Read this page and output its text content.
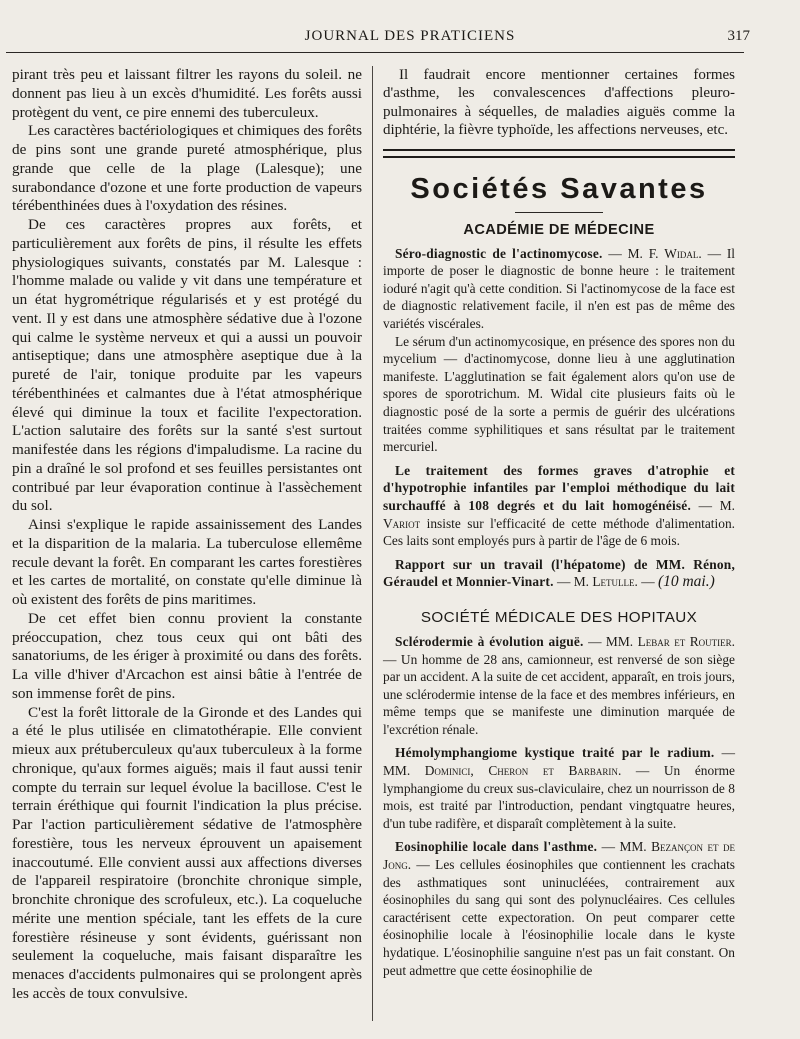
JOURNAL DES PRATICIENS	317

pirant très peu et laissant filtrer les rayons du soleil. ne donnent pas lieu à un excès d'humidité. Les forêts aussi protègent du vent, ce pire ennemi des tuberculeux.

Les caractères bactériologiques et chimiques des forêts de pins sont une grande pureté atmosphérique, plus grande que celle de la plage (Lalesque); une surabondance d'ozone et une forte production de vapeurs térébenthinées dues à l'oxydation des résines.

De ces caractères propres aux forêts, et particulièrement aux forêts de pins, il résulte les effets physiologiques suivants, constatés par M. Lalesque : l'homme malade ou valide y vit dans une température et un état hygrométrique régularisés et y est protégé du vent. Il y est dans une atmosphère sédative due à l'ozone qui calme le système nerveux et qui a aussi un pouvoir antiseptique; dans une atmosphère aseptique due à la pureté de l'air, tonique produite par les vapeurs térébenthinées et calmantes due à l'état atmosphérique élevé qui diminue la toux et facilite l'expectoration. L'action salutaire des forêts sur la santé s'est surtout manifestée dans les régions d'impaludisme. La racine du pin a draîné le sol profond et ses feuilles persistantes ont contribué par leur évaporation continue à l'assèchement du sol.

Ainsi s'explique le rapide assainissement des Landes et la disparition de la malaria. La tuberculose ellemême recule devant la forêt. En comparant les cartes forestières et les cartes de mortalité, on constate qu'elle diminue là où existent des forêts de pins maritimes.

De cet effet bien connu provient la constante préoccupation, chez tous ceux qui ont bâti des sanatoriums, de les ériger à proximité ou dans des forêts. La ville d'hiver d'Arcachon est ainsi bâtie à l'entrée de son immense forêt de pins.

C'est la forêt littorale de la Gironde et des Landes qui a été le plus utilisée en climatothérapie. Elle convient mieux aux prétuberculeux qu'aux tuberculeux à la forme chronique, qu'aux formes aiguës; mais il faut aussi tenir compte du terrain sur lequel évolue la bacillose. C'est le terrain éréthique qui fournit l'indication la plus précise. Par l'action particulièrement sédative de l'atmosphère forestière, tous les nerveux éprouvent un apaisement inaccoutumé. Elle convient aussi aux affections diverses de l'appareil respiratoire (bronchite chronique simple, bronchite chronique des scrofuleux, etc.). La coqueluche mérite une mention spéciale, tant les effets de la cure forestière résineuse y sont évidents, guérissant non seulement la coqueluche, mais faisant disparaître les menaces d'accidents pulmonaires qui se prolongent après les accès de toux convulsive.

Il faudrait encore mentionner certaines formes d'asthme, les convalescences d'affections pleuro-pulmonaires à séquelles, de maladies aiguës comme la diphtérie, la fièvre typhoïde, les affections nerveuses, etc.

Sociétés Savantes
ACADÉMIE DE MÉDECINE

Séro-diagnostic de l'actinomycose. — M. F. Widal. — Il importe de poser le diagnostic de bonne heure : le traitement ioduré n'agit qu'à cette condition. Si l'actinomycose de la face est de diagnostic relativement facile, il n'en est pas de même des variétés viscérales.

Le sérum d'un actinomycosique, en présence des spores non du mycelium — d'actinomycose, donne lieu à une agglutination manifeste. L'agglutination se fait également alors qu'on use de spores de sporotrichum. M. Widal cite plusieurs faits où le diagnostic posé de la sorte a permis de guérir des ulcérations traitées comme syphilitiques et sans résultat par le traitement mercuriel.

Le traitement des formes graves d'atrophie et d'hypotrophie infantiles par l'emploi méthodique du lait surchauffé à 108 degrés et du lait homogénéisé. — M. Variot insiste sur l'efficacité de cette méthode d'alimentation. Ces laits sont employés purs à partir de l'âge de 6 mois.

Rapport sur un travail (l'hépatome) de MM. Rénon, Géraudel et Monnier-Vinart. — M. Letulle. — (10 mai.)

SOCIÉTÉ MÉDICALE DES HOPITAUX

Sclérodermie à évolution aiguë. — MM. Lebar et Routier. — Un homme de 28 ans, camionneur, est renversé de son siège par un accident. A la suite de cet accident, apparaît, en trois jours, une sclérodermie intense de la face et des membres inférieurs, en même temps que se manifeste une diminution marquée de l'excrétion rénale.

Hémolymphangiome kystique traité par le radium. — MM. Dominici, Cheron et Barbarin. — Un énorme lymphangiome du creux sus-claviculaire, chez un nourrisson de 8 mois, est traité par l'introduction, pendant vingtquatre heures, d'un tube radifère, et disparaît complètement à la suite.

Eosinophilie locale dans l'asthme. — MM. Bezançon et de Jong. — Les cellules éosinophiles que contiennent les crachats des asthmatiques sont uninucléées, contrairement aux éosinophiles du sang qui sont des polynucléaires. Ces cellules caractérisent cette expectoration. On peut comparer cette éosinophilie locale à l'éosinophilie locale dans le kyste hydatique. L'éosinophilie sanguine n'est pas un fait constant. On peut admettre que cette éosinophilie de
